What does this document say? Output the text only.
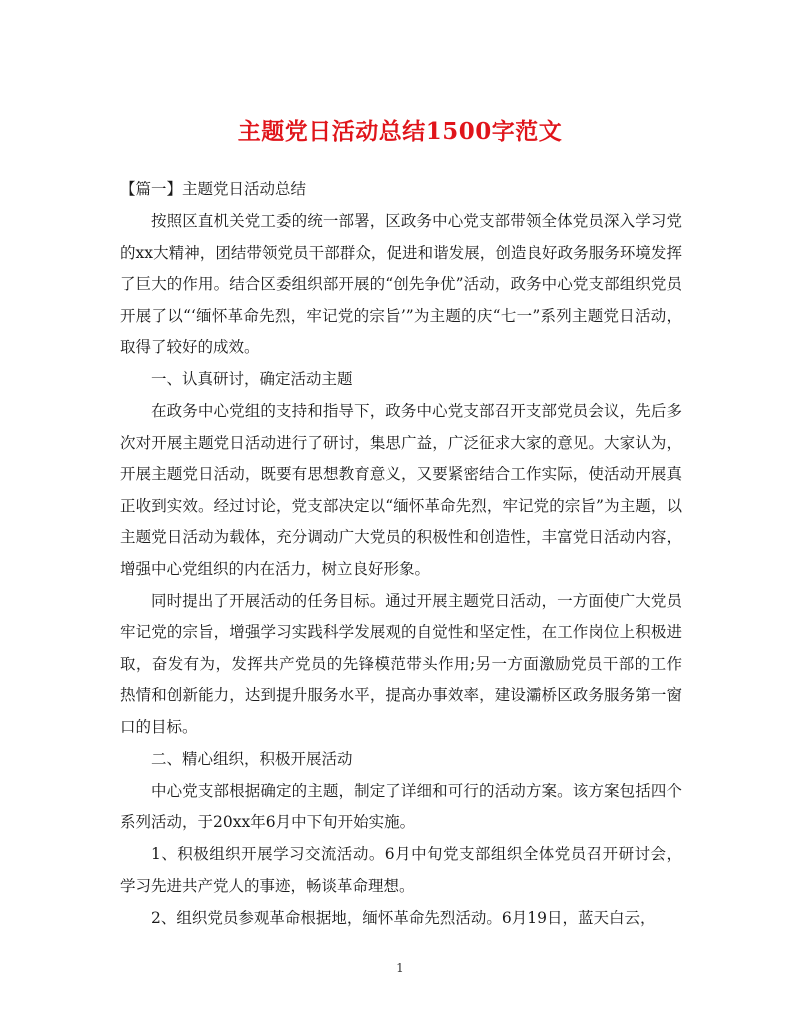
主题党日活动总结1500字范文

【篇一】主题党日活动总结

按照区直机关党工委的统一部署，区政务中心党支部带领全体党员深入学习党的xx大精神，团结带领党员干部群众，促进和谐发展，创造良好政务服务环境发挥了巨大的作用。结合区委组织部开展的“创先争优”活动，政务中心党支部组织党员开展了以“‘缅怀革命先烈，牢记党的宗旨’”为主题的庆“七一”系列主题党日活动，取得了较好的成效。

一、认真研讨，确定活动主题

在政务中心党组的支持和指导下，政务中心党支部召开支部党员会议，先后多次对开展主题党日活动进行了研讨，集思广益，广泛征求大家的意见。大家认为，开展主题党日活动，既要有思想教育意义，又要紧密结合工作实际，使活动开展真正收到实效。经过讨论，党支部决定以“缅怀革命先烈，牢记党的宗旨”为主题，以主题党日活动为载体，充分调动广大党员的积极性和创造性，丰富党日活动内容，增强中心党组织的内在活力，树立良好形象。

同时提出了开展活动的任务目标。通过开展主题党日活动，一方面使广大党员牢记党的宗旨，增强学习实践科学发展观的自觉性和坚定性，在工作岗位上积极进取，奋发有为，发挥共产党员的先锋模范带头作用;另一方面激励党员干部的工作热情和创新能力，达到提升服务水平，提高办事效率，建设灞桥区政务服务第一窗口的目标。

二、精心组织，积极开展活动

中心党支部根据确定的主题，制定了详细和可行的活动方案。该方案包括四个系列活动，于20xx年6月中下旬开始实施。

1、积极组织开展学习交流活动。6月中旬党支部组织全体党员召开研讨会，学习先进共产党人的事迹，畅谈革命理想。

2、组织党员参观革命根据地，缅怀革命先烈活动。6月19日，蓝天白云，

1
